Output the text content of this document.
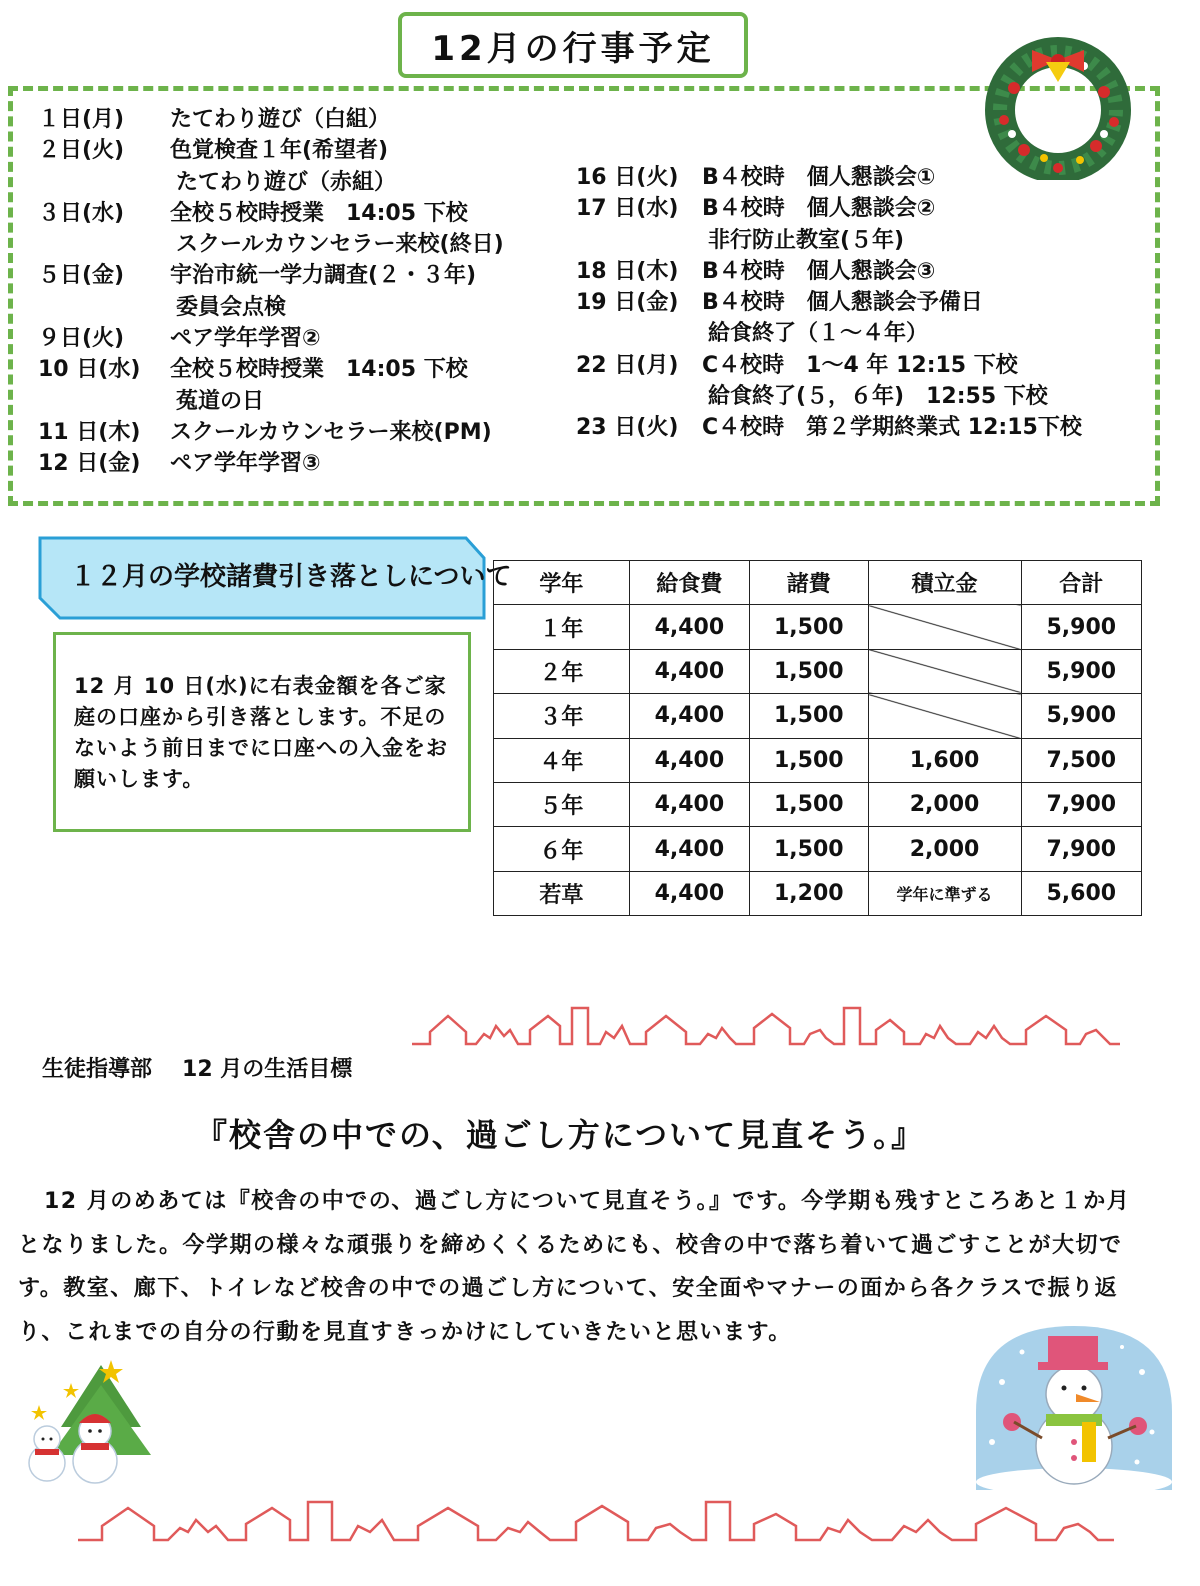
12月の行事予定
１日(月)	たてわり遊び（白組）
２日(火)	色覚検査１年(希望者)
たてわり遊び（赤組）
３日(水)	全校５校時授業　14:05 下校
スクールカウンセラー来校(終日)
５日(金)	宇治市統一学力調査(２・３年)
委員会点検
９日(火)	ペア学年学習②
10 日(水)	全校５校時授業　14:05 下校
菟道の日
11 日(木)	スクールカウンセラー来校(PM)
12 日(金)	ペア学年学習③
16 日(火)	B４校時　個人懇談会①
17 日(水)	B４校時　個人懇談会②
非行防止教室(５年)
18 日(木)	B４校時　個人懇談会③
19 日(金)	B４校時　個人懇談会予備日
給食終了（１～４年）
22 日(月)	C４校時　1～4 年 12:15 下校
給食終了(５，６年)　12:55 下校
23 日(火)	C４校時　第２学期終業式 12:15下校
１２月の学校諸費引き落としについて
12 月 10 日(水)に右表金額を各ご家庭の口座から引き落とします。不足のないよう前日までに口座への入金をお願いします。
学年	給食費	諸費	積立金	合計
１年	4,400	1,500		5,900
２年	4,400	1,500		5,900
３年	4,400	1,500		5,900
４年	4,400	1,500	1,600	7,500
５年	4,400	1,500	2,000	7,900
６年	4,400	1,500	2,000	7,900
若草	4,400	1,200	学年に準ずる	5,600
生徒指導部 12 月の生活目標
『校舎の中での、過ごし方について見直そう。』
12 月のめあては『校舎の中での、過ごし方について見直そう。』です。今学期も残すところあと１か月となりました。今学期の様々な頑張りを締めくくるためにも、校舎の中で落ち着いて過ごすことが大切です。教室、廊下、トイレなど校舎の中での過ごし方について、安全面やマナーの面から各クラスで振り返り、これまでの自分の行動を見直すきっかけにしていきたいと思います。
